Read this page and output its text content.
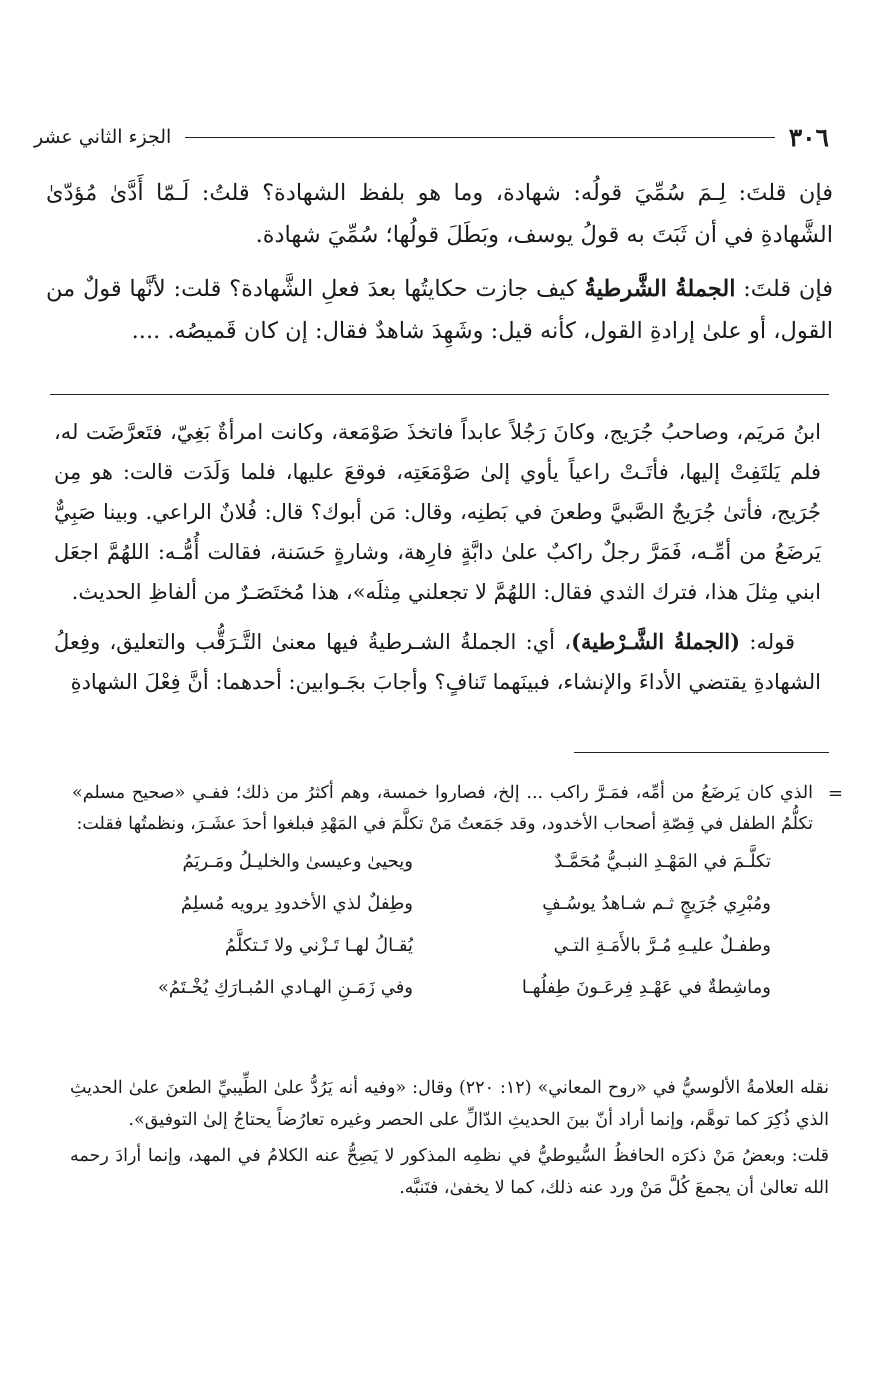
٣٠٦
الجزء الثاني عشر

فإن قلتَ: لِـمَ سُمِّيَ قولُه: شهادة، وما هو بلفظ الشهادة؟ قلتُ: لَـمّا أَدَّىٰ مُؤدّىٰ الشَّهادةِ في أن ثَبَتَ به قولُ يوسف، وبَطَلَ قولُها؛ سُمِّيَ شهادة.

فإن قلتَ: الجملةُ الشَّرطيةُ كيف جازت حكايتُها بعدَ فعلِ الشَّهادة؟ قلت: لأنَّها قولٌ من القول، أو علىٰ إرادةِ القول، كأنه قيل: وشَهِدَ شاهدٌ فقال: إن كان قَميصُه. ....

ابنُ مَريَم، وصاحبُ جُرَيج، وكانَ رَجُلاً عابداً فاتخذَ صَوْمَعة، وكانت امرأةٌ بَغِيّ، فتَعرَّضَت له، فلم يَلتَفِتْ إليها، فأتَـتْ راعياً يأوي إلىٰ صَوْمَعَتِه، فوقعَ عليها، فلما وَلَدَت قالت: هو مِن جُرَيج، فأتىٰ جُرَيجٌ الصَّبيَّ وطعنَ في بَطنِه، وقال: مَن أبوك؟ قال: فُلانٌ الراعي. وبينا صَبِيٌّ يَرضَعُ من أمِّـه، فَمَرَّ رجلٌ راكبٌ علىٰ دابَّةٍ فارِهة، وشارةٍ حَسَنة، فقالت أُمُّـه: اللهُمَّ اجعَل ابني مِثلَ هذا، فترك الثدي فقال: اللهُمَّ لا تجعلني مِثلَه»، هذا مُختَصَـرٌ من ألفاظِ الحديث.

قوله: (الجملةُ الشَّـرْطية)، أي: الجملةُ الشـرطيةُ فيها معنىٰ التَّـرَقُّب والتعليق، وفِعلُ الشهادةِ يقتضي الأداءَ والإنشاء، فبينَهما تَنافٍ؟ وأجابَ بجَـوابين: أحدهما: أنَّ فِعْلَ الشهادةِ

=

الذي كان يَرضَعُ من أمِّه، فمَـرَّ راكب ... إلخ، فصاروا خمسة، وهم أكثرُ من ذلك؛ ففـي «صحيح مسلم» تكلُّمُ الطفل في قِصّةِ أصحاب الأخدود، وقد جَمَعتُ مَنْ تكلَّمَ في المَهْدِ فبلغوا أحدَ عشَـرَ، ونظمتُها فقلت:

تكلَّـمَ في المَهْـدِ النبـيُّ مُحَمَّـدٌ
ويحيىٰ وعيسىٰ والخليـلُ ومَـريَمُ
ومُبْرِي جُرَيجٍ ثـم شـاهدُ يوسُـفٍ
وطِفلٌ لذي الأخدودِ يرويه مُسلِمُ
وطفـلٌ عليـهِ مُـرَّ بالأَمَـةِ التـي
يُقـالُ لهـا تَـزْني ولا تَـتكلَّمُ
وماشِطةٌ في عَهْـدِ فِرعَـونَ طِفلُهـا
وفي زَمَـنِ الهـادي المُبـارَكِ يُخْـتَمُ»

نقله العلامةُ الألوسيُّ في «روح المعاني» (١٢: ٢٢٠) وقال: «وفيه أنه يَرُدُّ علىٰ الطِّيبيِّ الطعنَ علىٰ الحديثِ الذي ذُكِرَ كما توهَّم، وإنما أراد أنّ بينَ الحديثِ الدّالِّ على الحصر وغيره تعارُضاً يحتاجُ إلىٰ التوفيق».

قلت: وبعضُ مَنْ ذكرَه الحافظُ السُّيوطيُّ في نظمِه المذكور لا يَصِحُّ عنه الكلامُ في المهد، وإنما أرادَ رحمه الله تعالىٰ أن يجمعَ كُلَّ مَنْ ورد عنه ذلك، كما لا يخفىٰ، فتَنبَّه.
